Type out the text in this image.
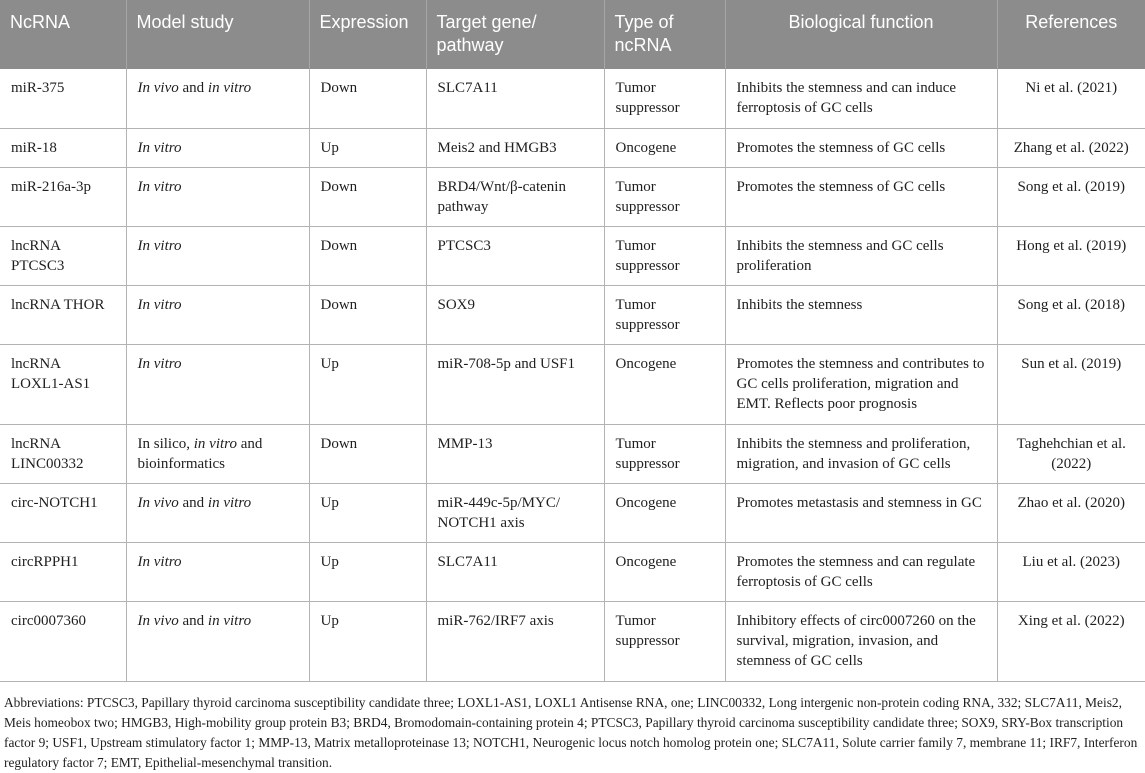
NcRNA	Model study	Expression	Target gene/ pathway	Type of ncRNA	Biological function	References
miR-375	In vivo and in vitro	Down	SLC7A11	Tumor suppressor	Inhibits the stemness and can induce ferroptosis of GC cells	Ni et al. (2021)
miR-18	In vitro	Up	Meis2 and HMGB3	Oncogene	Promotes the stemness of GC cells	Zhang et al. (2022)
miR-216a-3p	In vitro	Down	BRD4/Wnt/β-catenin pathway	Tumor suppressor	Promotes the stemness of GC cells	Song et al. (2019)
lncRNA PTCSC3	In vitro	Down	PTCSC3	Tumor suppressor	Inhibits the stemness and GC cells proliferation	Hong et al. (2019)
lncRNA THOR	In vitro	Down	SOX9	Tumor suppressor	Inhibits the stemness	Song et al. (2018)
lncRNA LOXL1-AS1	In vitro	Up	miR-708-5p and USF1	Oncogene	Promotes the stemness and contributes to GC cells proliferation, migration and EMT. Reflects poor prognosis	Sun et al. (2019)
lncRNA LINC00332	In silico, in vitro and bioinformatics	Down	MMP-13	Tumor suppressor	Inhibits the stemness and proliferation, migration, and invasion of GC cells	Taghehchian et al. (2022)
circ-NOTCH1	In vivo and in vitro	Up	miR-449c-5p/MYC/ NOTCH1 axis	Oncogene	Promotes metastasis and stemness in GC	Zhao et al. (2020)
circRPPH1	In vitro	Up	SLC7A11	Oncogene	Promotes the stemness and can regulate ferroptosis of GC cells	Liu et al. (2023)
circ0007360	In vivo and in vitro	Up	miR-762/IRF7 axis	Tumor suppressor	Inhibitory effects of circ0007260 on the survival, migration, invasion, and stemness of GC cells	Xing et al. (2022)
Abbreviations: PTCSC3, Papillary thyroid carcinoma susceptibility candidate three; LOXL1-AS1, LOXL1 Antisense RNA, one; LINC00332, Long intergenic non-protein coding RNA, 332; SLC7A11, Meis2, Meis homeobox two; HMGB3, High-mobility group protein B3; BRD4, Bromodomain-containing protein 4; PTCSC3, Papillary thyroid carcinoma susceptibility candidate three; SOX9, SRY-Box transcription factor 9; USF1, Upstream stimulatory factor 1; MMP-13, Matrix metalloproteinase 13; NOTCH1, Neurogenic locus notch homolog protein one; SLC7A11, Solute carrier family 7, membrane 11; IRF7, Interferon regulatory factor 7; EMT, Epithelial-mesenchymal transition.
